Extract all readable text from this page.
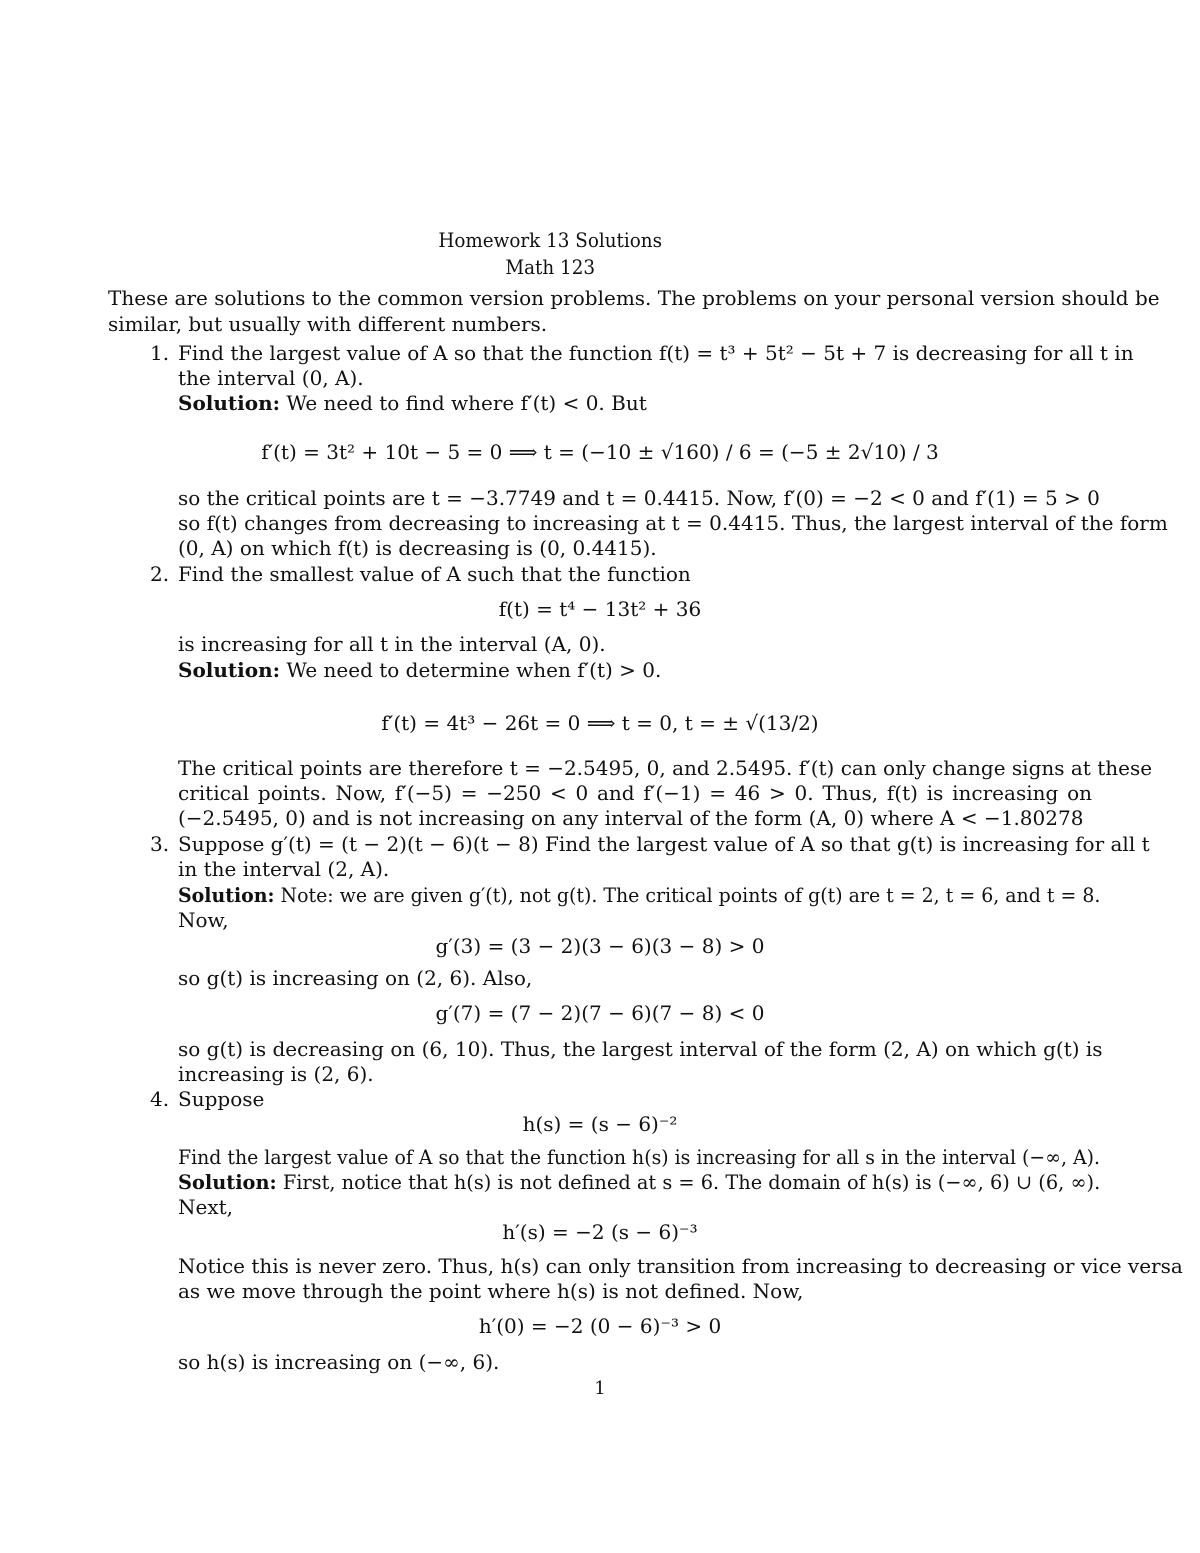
Homework 13 Solutions
Math 123
These are solutions to the common version problems. The problems on your personal version should be
similar, but usually with different numbers.
1. Find the largest value of A so that the function f(t) = t³ + 5t² − 5t + 7 is decreasing for all t in
the interval (0, A).
Solution: We need to find where f′(t) < 0. But
f′(t) = 3t² + 10t − 5 = 0 ⟹ t = (−10 ± √160) / 6 = (−5 ± 2√10) / 3
so the critical points are t = −3.7749 and t = 0.4415. Now, f′(0) = −2 < 0 and f′(1) = 5 > 0
so f(t) changes from decreasing to increasing at t = 0.4415. Thus, the largest interval of the form
(0, A) on which f(t) is decreasing is (0, 0.4415).
2. Find the smallest value of A such that the function
f(t) = t⁴ − 13t² + 36
is increasing for all t in the interval (A, 0).
Solution: We need to determine when f′(t) > 0.
f′(t) = 4t³ − 26t = 0 ⟹ t = 0, t = ± √(13/2)
The critical points are therefore t = −2.5495, 0, and 2.5495. f′(t) can only change signs at these
critical points. Now, f′(−5) = −250 < 0 and f′(−1) = 46 > 0. Thus, f(t) is increasing on
(−2.5495, 0) and is not increasing on any interval of the form (A, 0) where A < −1.80278
3. Suppose g′(t) = (t − 2)(t − 6)(t − 8) Find the largest value of A so that g(t) is increasing for all t
in the interval (2, A).
Solution: Note: we are given g′(t), not g(t). The critical points of g(t) are t = 2, t = 6, and t = 8.
Now,
g′(3) = (3 − 2)(3 − 6)(3 − 8) > 0
so g(t) is increasing on (2, 6). Also,
g′(7) = (7 − 2)(7 − 6)(7 − 8) < 0
so g(t) is decreasing on (6, 10). Thus, the largest interval of the form (2, A) on which g(t) is
increasing is (2, 6).
4. Suppose
h(s) = (s − 6)⁻²
Find the largest value of A so that the function h(s) is increasing for all s in the interval (−∞, A).
Solution: First, notice that h(s) is not defined at s = 6. The domain of h(s) is (−∞, 6) ∪ (6, ∞).
Next,
h′(s) = −2 (s − 6)⁻³
Notice this is never zero. Thus, h(s) can only transition from increasing to decreasing or vice versa
as we move through the point where h(s) is not defined. Now,
h′(0) = −2 (0 − 6)⁻³ > 0
so h(s) is increasing on (−∞, 6).
1
